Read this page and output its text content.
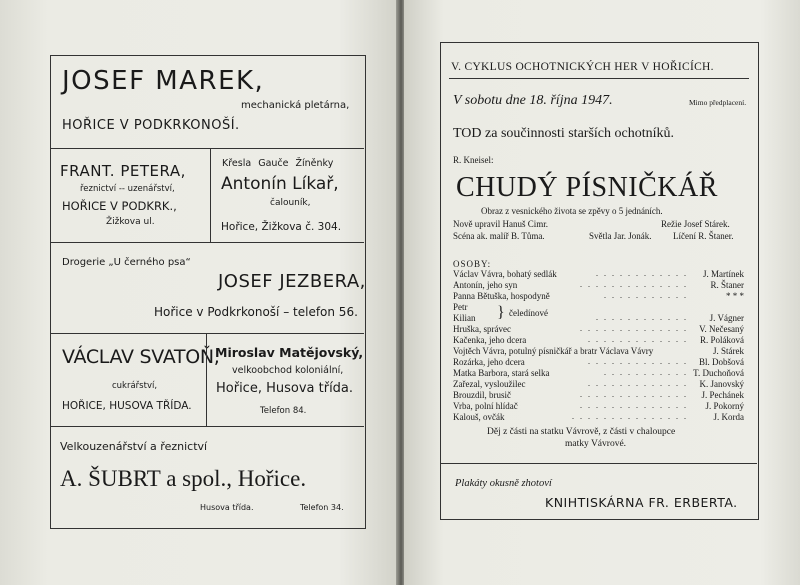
JOSEF MAREK,
mechanická pletárna,
HOŘICE V PODKRKONOŠÍ.
FRANT. PETERA,
řeznictví -- uzenářství,
HOŘICE V PODKRK.,
Žižkova ul.
Křesla Gauče Žíněnky
Antonín Líkař,
čalouník,
Hořice, Žižkova č. 304.
Drogerie „U černého psa“
JOSEF JEZBERA,
Hořice v Podkrkonoší – telefon 56.
VÁCLAV SVATOŇ,
cukrářství,
HOŘICE, HUSOVA TŘÍDA.
Miroslav Matějovský,
velkoobchod koloniální,
Hořice, Husova třída.
Telefon 84.
Velkouzenářství a řeznictví
A. ŠUBRT a spol., Hořice.
Husova třída.	Telefon 34.
V. CYKLUS OCHOTNICKÝCH HER V HOŘICÍCH.
V sobotu dne 18. října 1947.	Mimo předplacení.
TOD za součinnosti starších ochotníků.
R. Kneisel:
CHUDÝ PÍSNIČKÁŘ
Obraz z vesnického života se zpěvy o 5 jednáních.
Nově upravil Hanuš Cimr.	Režie Josef Stárek.
Scéna ak. malíř B. Tůma.	Světla Jar. Jonák. Líčení R. Štaner.
OSOBY:
Václav Vávra, bohatý sedlák	. . . . . . . . . . . . J. Martínek
Antonín, jeho syn	. . . . . . . . . . . . . .	R. Štaner
Panna Bětuška, hospodyně	. . . . . . . . . . .	* * *
Petr
Kilian } čeledínové	. . . . . . . . . . . . J. Vágner
Hruška, správec	. . . . . . . . . . . . . . V. Nečesaný
Kačenka, jeho dcera	. . . . . . . . . . . . . R. Poláková
Vojtěch Vávra, potulný písničkář a bratr Václava Vávry	J. Stárek
Rozárka, jeho dcera	. . . . . . . . . . . . . Bl. Dobšová
Matka Barbora, stará selka	. . . . . . . . . . . T. Duchoňová
Zařezal, vysloužilec	. . . . . . . . . . . . . K. Janovský
Brouzdil, brusič	. . . . . . . . . . . . . . J. Pechánek
Vrba, polní hlídač	. . . . . . . . . . . . . . J. Pokorný
Kalouš, ovčák	. . . . . . . . . . . . . . .	J. Korda
Děj z části na statku Vávrově, z části v chaloupce
matky Vávrové.
Plakáty okusně zhotoví
KNIHTISKÁRNA FR. ERBERTA.
